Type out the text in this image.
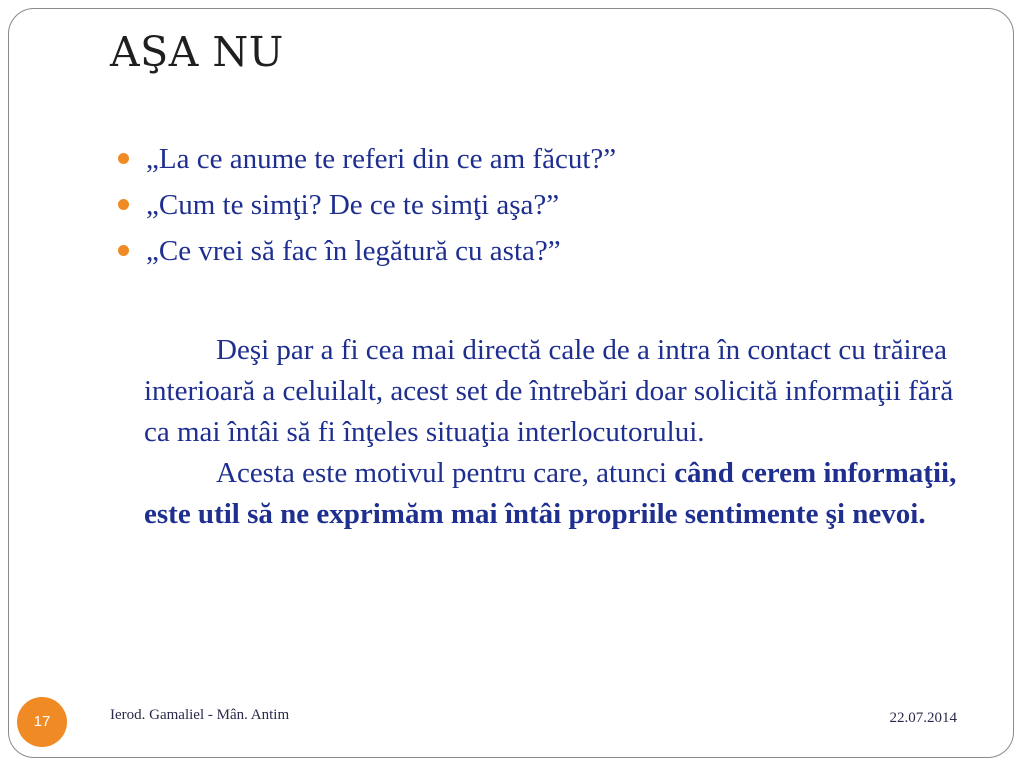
AŞA NU
„La ce anume te referi din ce am făcut?”
„Cum te simţi? De ce te simţi aşa?”
„Ce vrei să fac în legătură cu asta?”

Deşi par a fi cea mai directă cale de a intra în contact cu trăirea interioară a celuilalt, acest set de întrebări doar solicită informaţii fără ca mai întâi să fi înţeles situaţia interlocutorului.

Acesta este motivul pentru care, atunci când cerem informaţii, este util să ne exprimăm mai întâi propriile sentimente şi nevoi.

17	Ierod. Gamaliel - Mân. Antim	22.07.2014
